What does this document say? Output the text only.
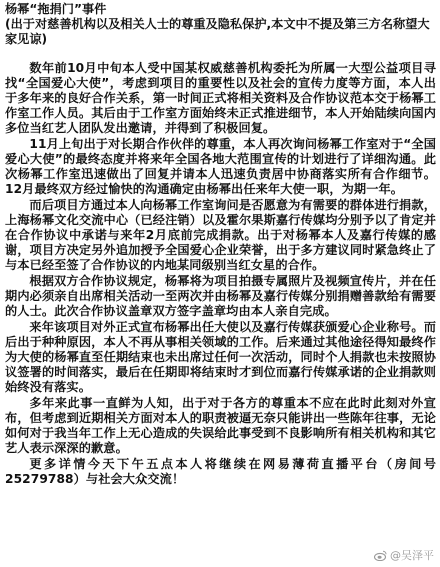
杨幂“拖捐门”事件

(出于对慈善机构以及相关人士的尊重及隐私保护,本文中不提及第三方名称望大家见谅)

数年前10月中旬本人受中国某权威慈善机构委托为所属一大型公益项目寻找“全国爱心大使”，考虑到项目的重要性以及社会的宣传力度等方面，本人出于多年来的良好合作关系，第一时间正式将相关资料及合作协议范本交于杨幂工作室工作人员。其后由于工作室方面始终未正式推进细节，本人开始陆续向国内多位当红艺人团队发出邀请，并得到了积极回复。

11月上旬出于对长期合作伙伴的尊重，本人再次询问杨幂工作室对于“全国爱心大使”的最终态度并将来年全国各地大范围宣传的计划进行了详细沟通。此次杨幂工作室迅速做出了回复并请本人迅速负责居中协商落实所有合作细节。12月最终双方经过愉快的沟通确定由杨幂出任来年大使一职，为期一年。

而后项目方通过本人向杨幂工作室询问是否愿意为有需要的群体进行捐款，上海杨幂文化交流中心（已经注销）以及霍尔果斯嘉行传媒均分别予以了肯定并在合作协议中承诺与来年2月底前完成捐款。出于对杨幂本人及嘉行传媒的感谢，项目方决定另外追加授予全国爱心企业荣誉，出于多方建议同时紧急终止了与本已经至签了合作协议的内地某同级别当红女星的合作。

根据双方合作协议规定，杨幂将为项目拍摄专属照片及视频宣传片，并在任期内必须亲自出席相关活动一至两次并由杨幂及嘉行传媒分别捐赠善款给有需要的人士。此次合作协议盖章双方签字盖章均由本人亲自完成。

来年该项目对外正式宣布杨幂出任大使以及嘉行传媒获颁爱心企业称号。而后出于种种原因，本人不再从事相关领域的工作。后来通过其他途径得知最终作为大使的杨幂直至任期结束也未出席过任何一次活动，同时个人捐款也未按照协议签署的时间落实，最后在任期即将结束时才到位而嘉行传媒承诺的企业捐款则始终没有落实。

多年来此事一直鲜为人知，出于对于各方的尊重本不应在此时此刻对外宣布，但考虑到近期相关方面对本人的职责被逼无奈只能讲出一些陈年往事，无论如何对于我当年工作上无心造成的失误给此事受到不良影响所有相关机构和其它艺人表示深深的歉意。

更多详情今天下午五点本人将继续在网易薄荷直播平台（房间号25279788）与社会大众交流！

@吴泽平
